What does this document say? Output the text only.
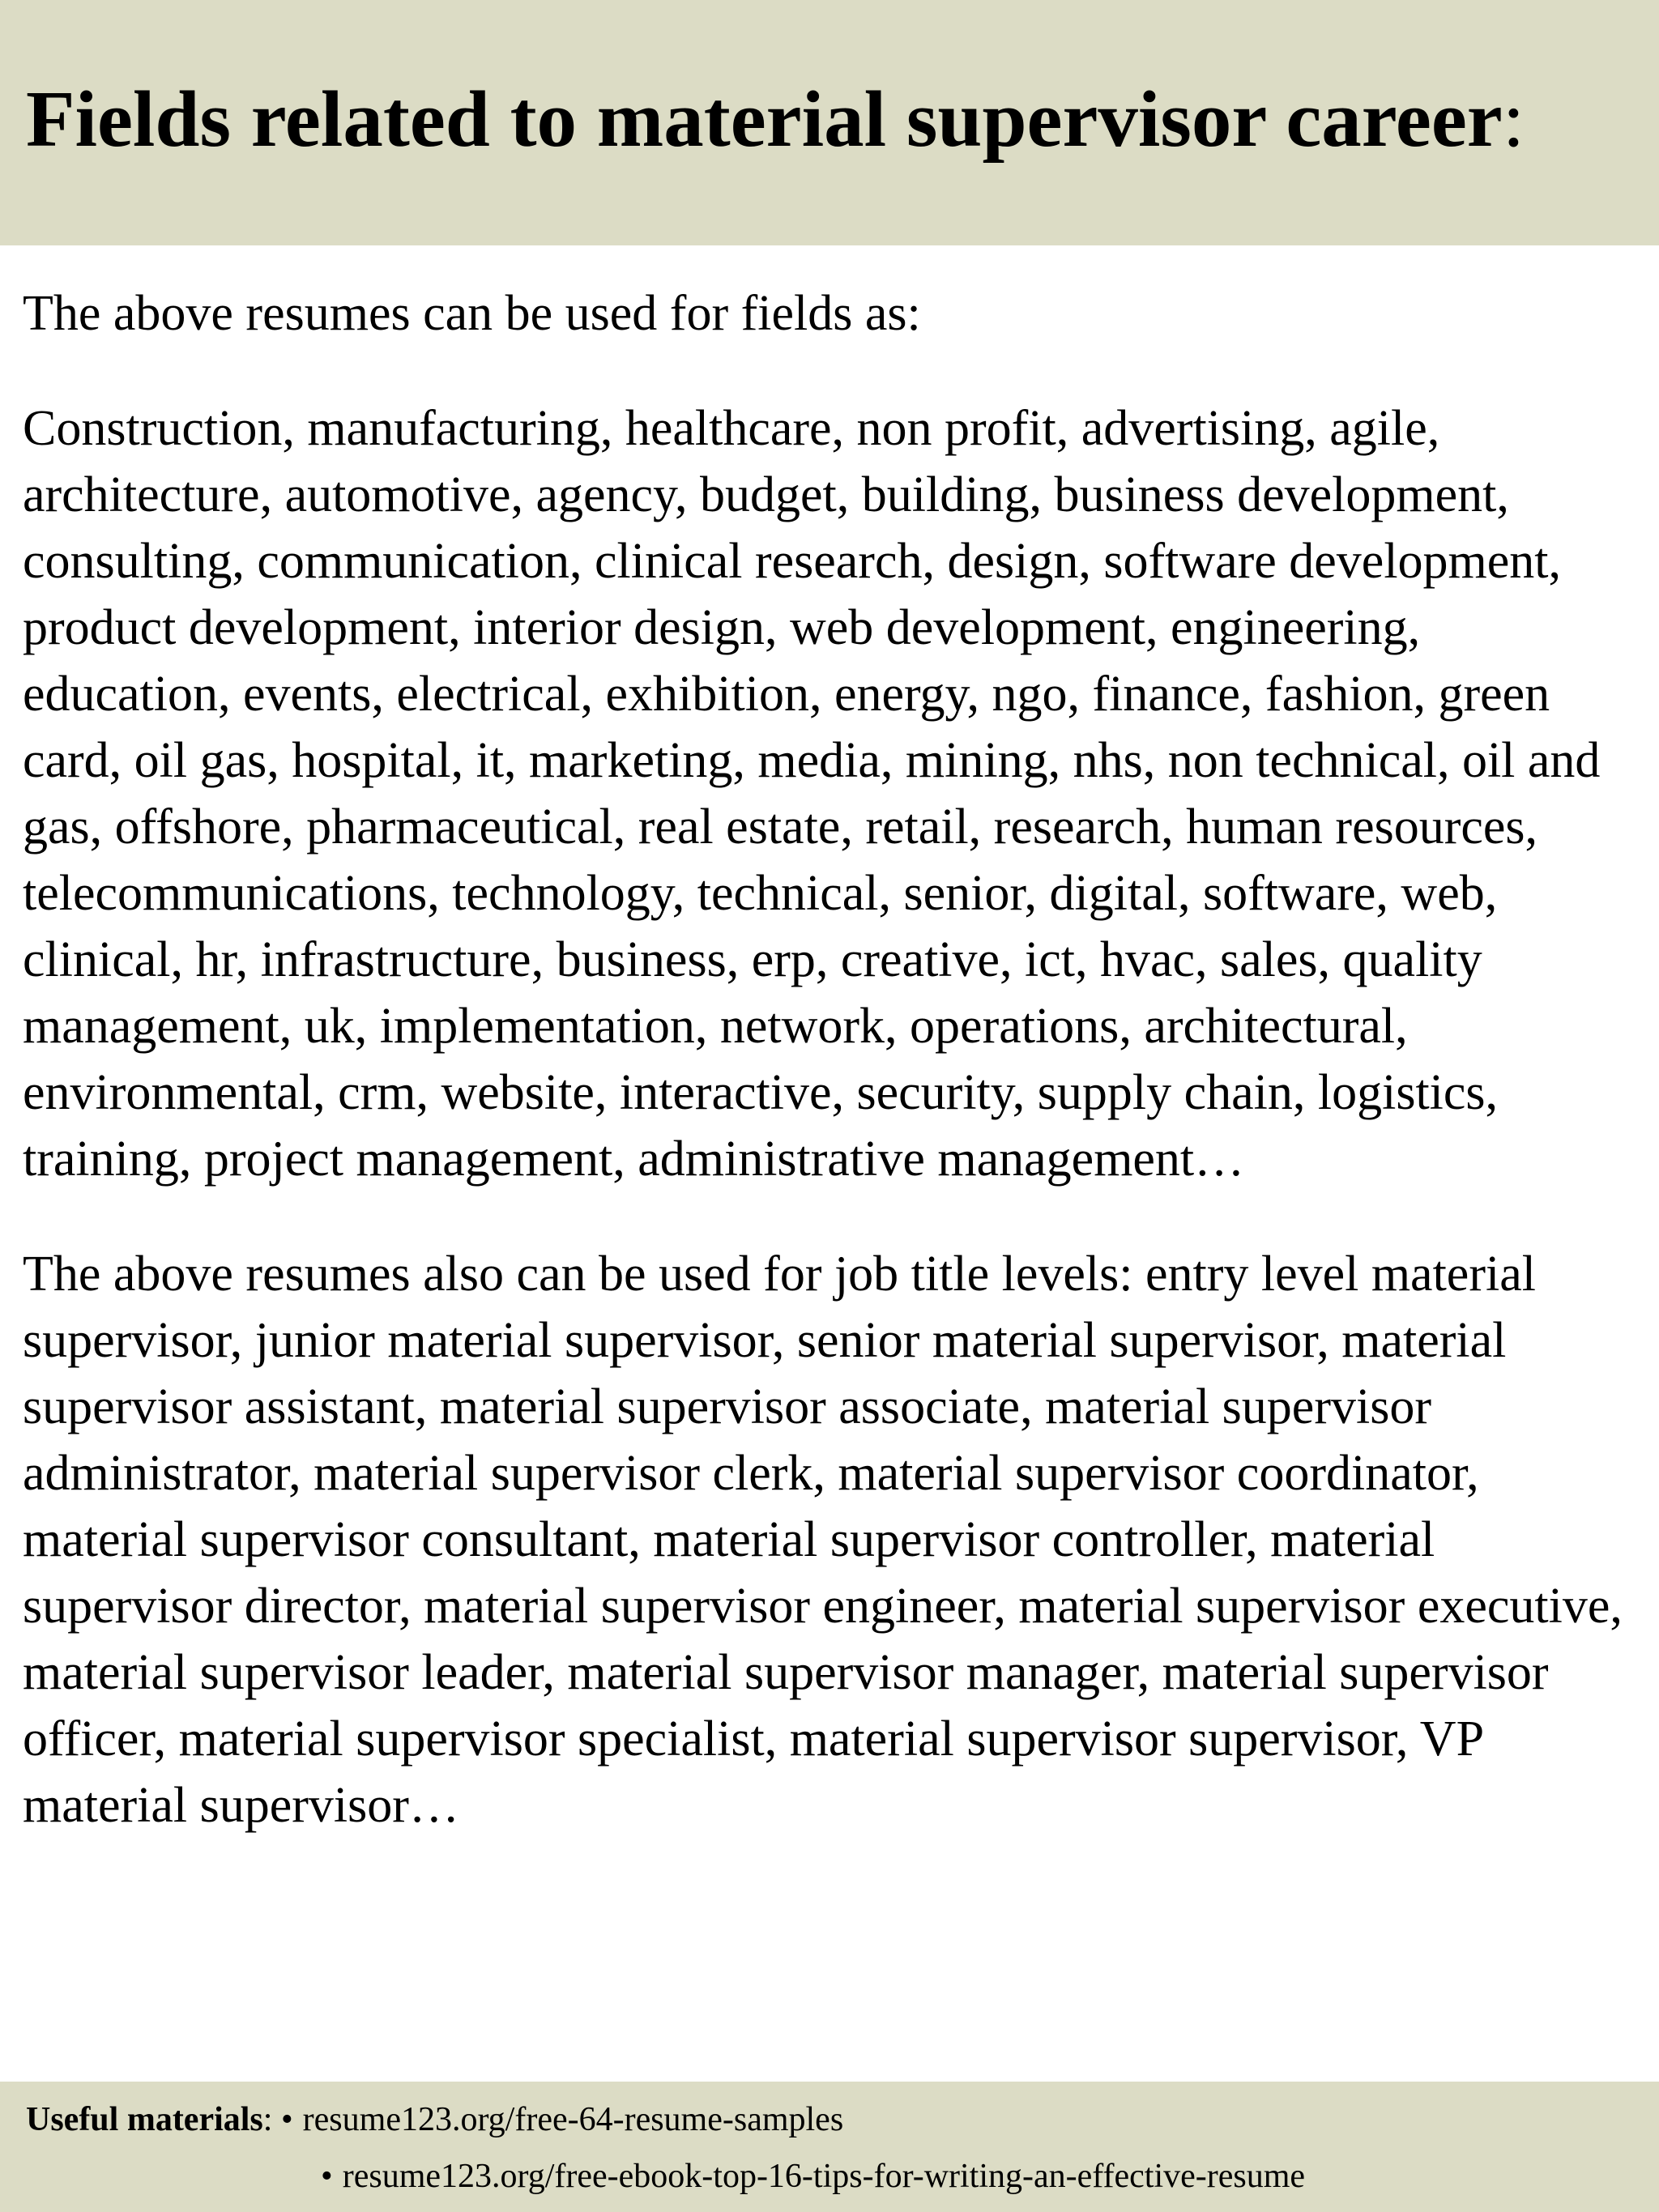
Fields related to material supervisor career:

The above resumes can be used for fields as:

Construction, manufacturing, healthcare, non profit, advertising, agile, architecture, automotive, agency, budget, building, business development, consulting, communication, clinical research, design, software development, product development, interior design, web development, engineering, education, events, electrical, exhibition, energy, ngo, finance, fashion, green card, oil gas, hospital, it, marketing, media, mining, nhs, non technical, oil and gas, offshore, pharmaceutical, real estate, retail, research, human resources, telecommunications, technology, technical, senior, digital, software, web, clinical, hr, infrastructure, business, erp, creative, ict, hvac, sales, quality management, uk, implementation, network, operations, architectural, environmental, crm, website, interactive, security, supply chain, logistics, training, project management, administrative management…

The above resumes also can be used for job title levels: entry level material supervisor, junior material supervisor, senior material supervisor, material supervisor assistant, material supervisor associate, material supervisor administrator, material supervisor clerk, material supervisor coordinator, material supervisor consultant, material supervisor controller, material supervisor director, material supervisor engineer, material supervisor executive, material supervisor leader, material supervisor manager, material supervisor officer, material supervisor specialist, material supervisor supervisor, VP material supervisor…

Useful materials: • resume123.org/free-64-resume-samples
• resume123.org/free-ebook-top-16-tips-for-writing-an-effective-resume
